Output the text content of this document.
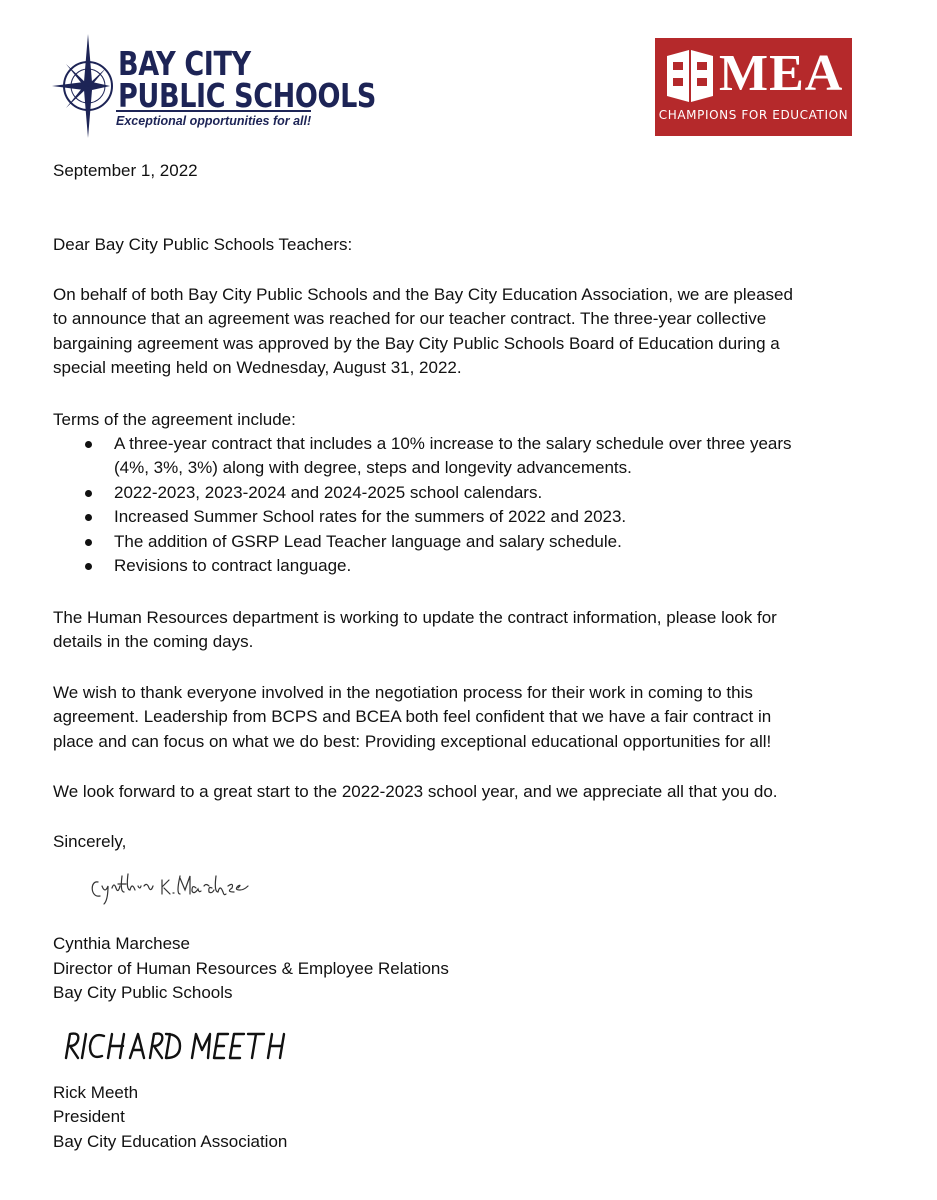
BAY CITY
PUBLIC SCHOOLS
Exceptional opportunities for all!
MEA
CHAMPIONS FOR EDUCATION
September 1, 2022
Dear Bay City Public Schools Teachers:
On behalf of both Bay City Public Schools and the Bay City Education Association, we are pleased
to announce that an agreement was reached for our teacher contract. The three-year collective
bargaining agreement was approved by the Bay City Public Schools Board of Education during a
special meeting held on Wednesday, August 31, 2022.
Terms of the agreement include:
A three-year contract that includes a 10% increase to the salary schedule over three years
(4%, 3%, 3%) along with degree, steps and longevity advancements.
2022-2023, 2023-2024 and 2024-2025 school calendars.
Increased Summer School rates for the summers of 2022 and 2023.
The addition of GSRP Lead Teacher language and salary schedule.
Revisions to contract language.
The Human Resources department is working to update the contract information, please look for
details in the coming days.
We wish to thank everyone involved in the negotiation process for their work in coming to this
agreement. Leadership from BCPS and BCEA both feel confident that we have a fair contract in
place and can focus on what we do best: Providing exceptional educational opportunities for all!
We look forward to a great start to the 2022-2023 school year, and we appreciate all that you do.
Sincerely,
Cynthia Marchese
Director of Human Resources & Employee Relations
Bay City Public Schools
Rick Meeth
President
Bay City Education Association
